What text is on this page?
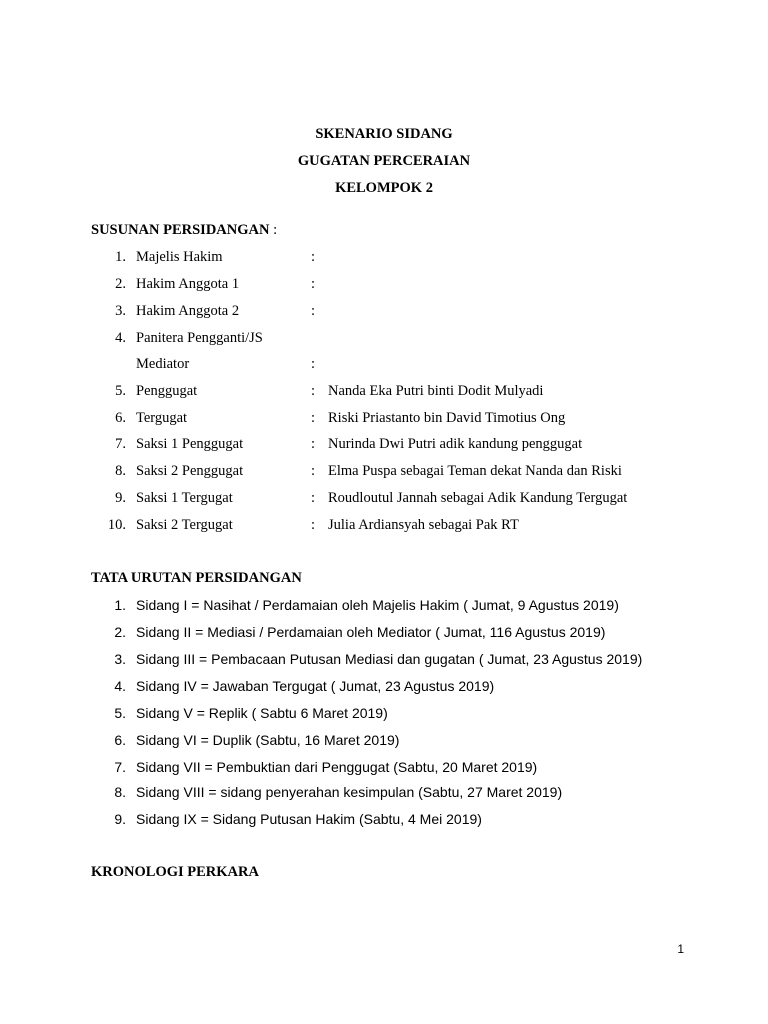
SKENARIO SIDANG
GUGATAN PERCERAIAN
KELOMPOK 2
SUSUNAN PERSIDANGAN :
1. Majelis Hakim	:
2. Hakim Anggota 1	:
3. Hakim Anggota 2	:
4. Panitera Pengganti/JS
Mediator	:
5. Penggugat	: Nanda Eka Putri binti Dodit Mulyadi
6. Tergugat	: Riski Priastanto bin David Timotius Ong
7. Saksi 1 Penggugat	: Nurinda Dwi Putri adik kandung penggugat
8. Saksi 2 Penggugat	: Elma Puspa sebagai Teman dekat Nanda dan Riski
9. Saksi 1 Tergugat	: Roudloutul Jannah sebagai Adik Kandung Tergugat
10. Saksi 2 Tergugat	: Julia Ardiansyah sebagai Pak RT
TATA URUTAN PERSIDANGAN
1. Sidang I = Nasihat / Perdamaian oleh Majelis Hakim ( Jumat, 9 Agustus 2019)
2. Sidang II = Mediasi / Perdamaian oleh Mediator ( Jumat, 116 Agustus 2019)
3. Sidang III = Pembacaan Putusan Mediasi dan gugatan ( Jumat, 23 Agustus 2019)
4. Sidang IV = Jawaban Tergugat ( Jumat, 23 Agustus 2019)
5. Sidang V = Replik ( Sabtu 6 Maret 2019)
6. Sidang VI = Duplik (Sabtu, 16 Maret 2019)
7. Sidang VII = Pembuktian dari Penggugat (Sabtu, 20 Maret 2019)
8. Sidang VIII = sidang penyerahan kesimpulan (Sabtu, 27 Maret 2019)
9. Sidang IX = Sidang Putusan Hakim (Sabtu, 4 Mei 2019)
KRONOLOGI PERKARA
1
